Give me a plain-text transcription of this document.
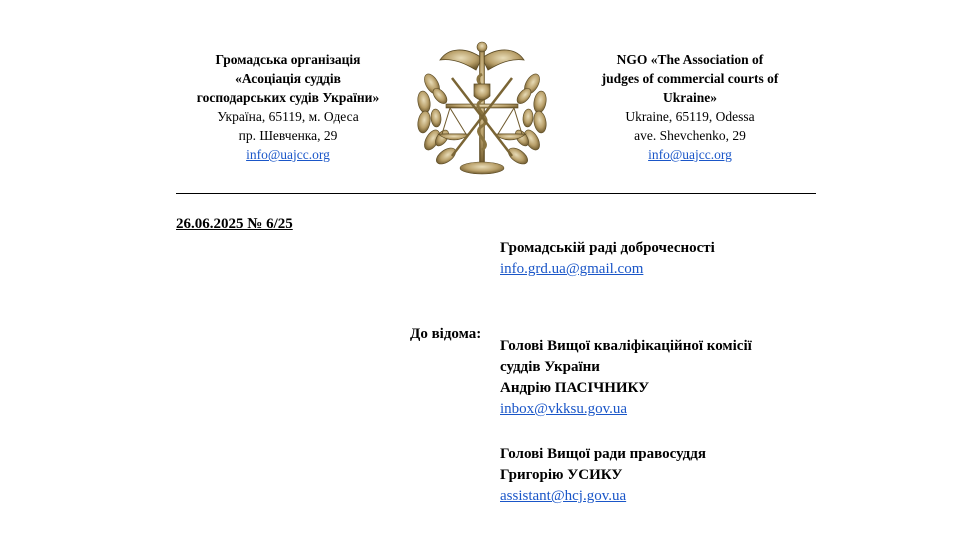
Громадська організація
«Асоціація суддів
господарських судів України»
Україна, 65119, м. Одеса
пр. Шевченка, 29
info@uajcc.org
NGO «The Association of
judges of commercial courts of
Ukraine»
Ukraine, 65119, Odessa
ave. Shevchenko, 29
info@uajcc.org
26.06.2025 № 6/25
До відома:
Громадській раді доброчесності
info.grd.ua@gmail.com
Голові Вищої кваліфікаційної комісії
суддів України
Андрію ПАСІЧНИКУ
inbox@vkksu.gov.ua
Голові Вищої ради правосуддя
Григорію УСИКУ
assistant@hcj.gov.ua
